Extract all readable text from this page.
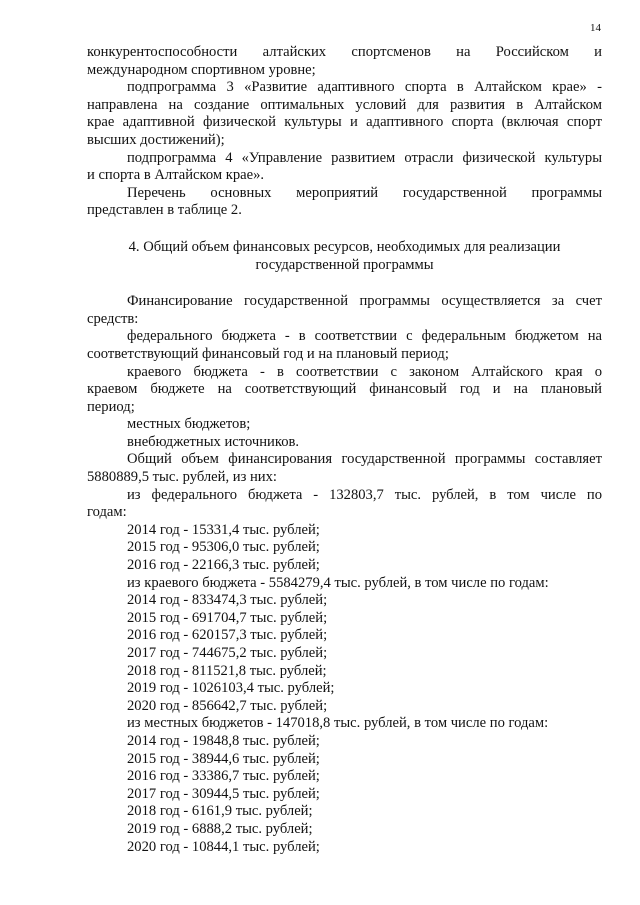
14

конкурентоспособности алтайских спортсменов на Российском и

международном спортивном уровне;

подпрограмма 3 «Развитие адаптивного спорта в Алтайском крае» -

направлена на создание оптимальных условий для развития в Алтайском

крае адаптивной физической культуры и адаптивного спорта (включая спорт

высших достижений);

подпрограмма 4 «Управление развитием отрасли физической культуры

и спорта в Алтайском крае».

Перечень основных мероприятий государственной программы

представлен в таблице 2.

4. Общий объем финансовых ресурсов, необходимых для реализации

государственной программы

Финансирование государственной программы осуществляется за счет

средств:

федерального бюджета - в соответствии с федеральным бюджетом на

соответствующий финансовый год и на плановый период;

краевого бюджета - в соответствии с законом Алтайского края о

краевом бюджете на соответствующий финансовый год и на плановый

период;

местных бюджетов;

внебюджетных источников.

Общий объем финансирования государственной программы составляет

5880889,5 тыс. рублей, из них:

из федерального бюджета - 132803,7 тыс. рублей, в том числе по

годам:

2014 год - 15331,4 тыс. рублей;

2015 год - 95306,0 тыс. рублей;

2016 год - 22166,3 тыс. рублей;

из краевого бюджета - 5584279,4 тыс. рублей, в том числе по годам:

2014 год - 833474,3 тыс. рублей;

2015 год - 691704,7 тыс. рублей;

2016 год - 620157,3 тыс. рублей;

2017 год - 744675,2 тыс. рублей;

2018 год - 811521,8 тыс. рублей;

2019 год - 1026103,4 тыс. рублей;

2020 год - 856642,7 тыс. рублей;

из местных бюджетов - 147018,8 тыс. рублей, в том числе по годам:

2014 год - 19848,8 тыс. рублей;

2015 год - 38944,6 тыс. рублей;

2016 год - 33386,7 тыс. рублей;

2017 год - 30944,5 тыс. рублей;

2018 год - 6161,9 тыс. рублей;

2019 год - 6888,2 тыс. рублей;

2020 год - 10844,1 тыс. рублей;
